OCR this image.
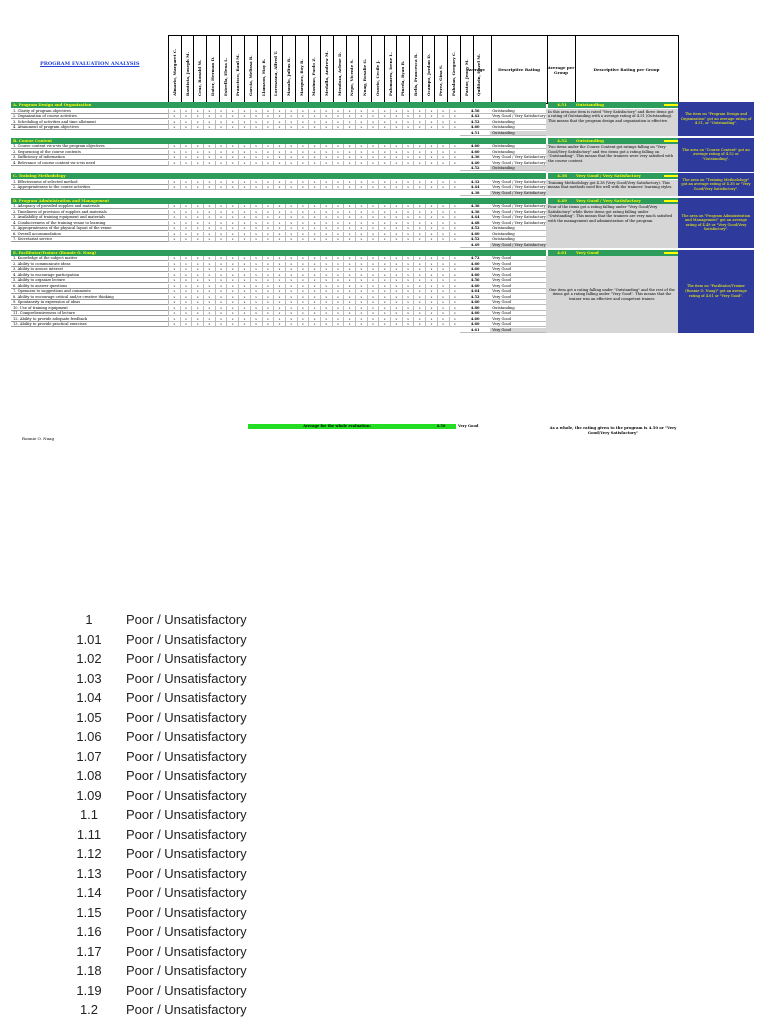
PROGRAM EVALUATION ANALYSIS	Almario, Margaret C. Bautista, Joseph M. Cruz, Ronald M. Dator, Herman D. Estrella, Elena L. Francisco, Raul M. Garcia, Melissa R. Llamzon, May R. Lorenzana, Alfred T. Manalo, Julius R. Marquez, Roy R. Maximo, Paolo Z. Medalla, Andrew M. Mendoza, Arlene D. Nepo, Vicente S. Nuag, Rosalie G. Osorio, Cecile J. Palomares, Irene L. Pineda, Ryan B. Relis, Francesca R. Ocampo, Jordan D. Perez, Gina S. Pabalan, Gregory C. Pastor, Jenny M. Quilitzin, Hazel M.
Average	Descriptive Rating	Average per Group	Descriptive Rating per Group
A. Program Design and Organization	4.51 Outstanding
1. Clarity of program objectives	x	x	x	x	x	x	x	x	x	x	x	x	x	x	x	x	x	x	x	x	x	x	x	x	x	4.56	Outstanding
2. Organization of course activities	x	x	x	x	x	x	x	x	x	x	x	x	x	x	x	x	x	x	x	x	x	x	x	x	x	4.42	Very Good / Very Satisfactory
3. Scheduling of activities and time allotment	x	x	x	x	x	x	x	x	x	x	x	x	x	x	x	x	x	x	x	x	x	x	x	x	x	4.52	Outstanding
4. Attainment of program objectives	x	x	x	x	x	x	x	x	x	x	x	x	x	x	x	x	x	x	x	x	x	x	x	x	x	4.60	Outstanding
4.51	Outstanding
In this area,one item is rated "Very Satisfactory" and three items got a rating of Outstanding with a average rating of 4.51 (Outstanding). This means that the program design and organization is effective.
The item on "Program Design and Organization" got an average rating of 4.51, or "Outstanding".
B. Course Content	4.52 Outstanding
1. Course content vis-a-vis the program objectives	x	x	x	x	x	x	x	x	x	x	x	x	x	x	x	x	x	x	x	x	x	x	x	x	x	4.60	Outstanding
2. Sequencing of the course contents	x	x	x	x	x	x	x	x	x	x	x	x	x	x	x	x	x	x	x	x	x	x	x	x	x	4.60	Outstanding
3. Sufficiency of information	x	x	x	x	x	x	x	x	x	x	x	x	x	x	x	x	x	x	x	x	x	x	x	x	x	4.36	Very Good / Very Satisfactory
4. Relevance of course content vis-a-vis need	x	x	x	x	x	x	x	x	x	x	x	x	x	x	x	x	x	x	x	x	x	x	x	x	x	4.40	Very Good / Very Satisfactory
4.52	Outstanding
Two items under the Course Content got ratings falling on "Very Good/Very Satisfactory" and two items got a rating falling on "Outstanding". This means that the trainees were very satisfied with the course content.
The area on "Course Content" got an average rating of 4.52 or "Outstanding".
C. Training Methodology	4.38 Very Good / Very Satisfactory
1. Effectiveness of selected method	x	x	x	x	x	x	x	x	x	x	x	x	x	x	x	x	x	x	x	x	x	x	x	x	x	4.32	Very Good / Very Satisfactory
2. Appropriateness to the course activities	x	x	x	x	x	x	x	x	x	x	x	x	x	x	x	x	x	x	x	x	x	x	x	x	x	4.44	Very Good / Very Satisfactory
4.38	Very Good / Very Satisfactory
Training Methodology got 4.38 (Very Good/Very Satisfactory). This means that methods used fits well with the trainees' learning styles.
The area on "Training Methodology" got an average rating of 4.38 or "Very Good/Very Satisfactory".
D. Program Administration and Management	4.49 Very Good / Very Satisfactory
1. Adequacy of provided supplies and materials	x	x	x	x	x	x	x	x	x	x	x	x	x	x	x	x	x	x	x	x	x	x	x	x	x	4.36	Very Good / Very Satisfactory
2. Timeliness of provision of supplies and materials	x	x	x	x	x	x	x	x	x	x	x	x	x	x	x	x	x	x	x	x	x	x	x	x	x	4.36	Very Good / Very Satisfactory
3. Availability of training equipment and materials	x	x	x	x	x	x	x	x	x	x	x	x	x	x	x	x	x	x	x	x	x	x	x	x	x	4.44	Very Good / Very Satisfactory
4. Conduciveness of the training venue to learning	x	x	x	x	x	x	x	x	x	x	x	x	x	x	x	x	x	x	x	x	x	x	x	x	x	4.48	Very Good / Very Satisfactory
5. Appropriateness of the physical layout of the venue	x	x	x	x	x	x	x	x	x	x	x	x	x	x	x	x	x	x	x	x	x	x	x	x	x	4.52	Outstanding
6. Overall accommodation	x	x	x	x	x	x	x	x	x	x	x	x	x	x	x	x	x	x	x	x	x	x	x	x	x	4.60	Outstanding
7. Secretariat service	x	x	x	x	x	x	x	x	x	x	x	x	x	x	x	x	x	x	x	x	x	x	x	x	x	4.52	Outstanding
4.49	Very Good / Very Satisfactory
Four of the items got a rating falling under "Very Good/Very Satisfactory" while three items got rating falling under "Outstanding". This means that the trainees are very much satisfied with the management and administration of the program.
The area on "Program Administration and Management" got an average rating of 4.49 or "Very Good/Very Satisfactory".
E. Facilitator/Trainer (Ronnie O. Nuag)	4.61 Very Good
1. Knowledge of the subject matter	x	x	x	x	x	x	x	x	x	x	x	x	x	x	x	x	x	x	x	x	x	x	x	x	x	4.72	Very Good
2. Ability to communicate ideas	x	x	x	x	x	x	x	x	x	x	x	x	x	x	x	x	x	x	x	x	x	x	x	x	x	4.60	Very Good
3. Ability to arouse interest	x	x	x	x	x	x	x	x	x	x	x	x	x	x	x	x	x	x	x	x	x	x	x	x	x	4.60	Very Good
4. Ability to encourage participation	x	x	x	x	x	x	x	x	x	x	x	x	x	x	x	x	x	x	x	x	x	x	x	x	x	4.60	Very Good
5. Ability to organize lecture	x	x	x	x	x	x	x	x	x	x	x	x	x	x	x	x	x	x	x	x	x	x	x	x	x	4.56	Very Good
6. Ability to answer questions	x	x	x	x	x	x	x	x	x	x	x	x	x	x	x	x	x	x	x	x	x	x	x	x	x	4.60	Very Good
7. Openness to suggestions and comments	x	x	x	x	x	x	x	x	x	x	x	x	x	x	x	x	x	x	x	x	x	x	x	x	x	4.64	Very Good
8. Ability to encourage critical and/or creative thinking	x	x	x	x	x	x	x	x	x	x	x	x	x	x	x	x	x	x	x	x	x	x	x	x	x	4.52	Very Good
9. Spontaneity in expression of ideas	x	x	x	x	x	x	x	x	x	x	x	x	x	x	x	x	x	x	x	x	x	x	x	x	x	4.60	Very Good
10. Use of training equipment	x	x	x	x	x	x	x	x	x	x	x	x	x	x	x	x	x	x	x	x	x	x	x	x	x	4.80	Outstanding
11. Comprehensiveness of lecture	x	x	x	x	x	x	x	x	x	x	x	x	x	x	x	x	x	x	x	x	x	x	x	x	x	4.60	Very Good
12. Ability to provide adequate feedback	x	x	x	x	x	x	x	x	x	x	x	x	x	x	x	x	x	x	x	x	x	x	x	x	x	4.60	Very Good
13. Ability to provide practical exercises	x	x	x	x	x	x	x	x	x	x	x	x	x	x	x	x	x	x	x	x	x	x	x	x	x	4.60	Very Good
4.61	Very Good
One item got a rating falling under "Outstanding" and the rest of the items got a rating falling under "Very Good". This means that the trainer was an effective and competent trainer.
The item on "Facilitator/Trainer (Ronnie O. Nuag)" got an average rating of 4.61 or "Very Good".
Average for the whole evaluation:	4.50	Very Good	As a whole, the rating given to the program is 4.50 or "Very Good/Very Satisfactory"
Ronnie O. Nuag
1	Poor / Unsatisfactory
1.01	Poor / Unsatisfactory
1.02	Poor / Unsatisfactory
1.03	Poor / Unsatisfactory
1.04	Poor / Unsatisfactory
1.05	Poor / Unsatisfactory
1.06	Poor / Unsatisfactory
1.07	Poor / Unsatisfactory
1.08	Poor / Unsatisfactory
1.09	Poor / Unsatisfactory
1.1	Poor / Unsatisfactory
1.11	Poor / Unsatisfactory
1.12	Poor / Unsatisfactory
1.13	Poor / Unsatisfactory
1.14	Poor / Unsatisfactory
1.15	Poor / Unsatisfactory
1.16	Poor / Unsatisfactory
1.17	Poor / Unsatisfactory
1.18	Poor / Unsatisfactory
1.19	Poor / Unsatisfactory
1.2	Poor / Unsatisfactory
